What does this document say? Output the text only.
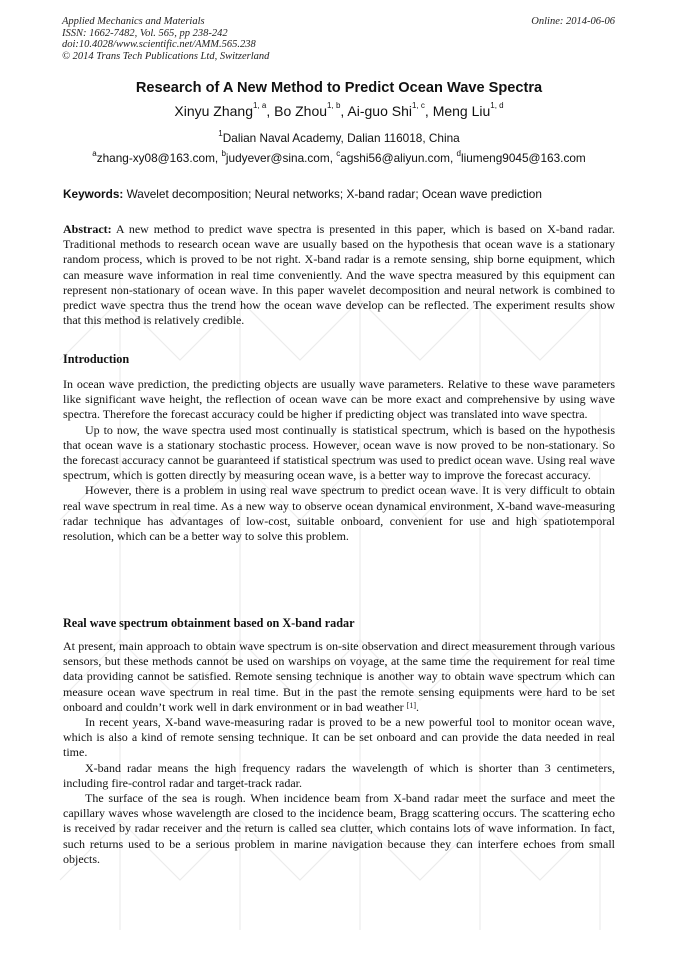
Applied Mechanics and Materials
ISSN: 1662-7482, Vol. 565, pp 238-242
doi:10.4028/www.scientific.net/AMM.565.238
© 2014 Trans Tech Publications Ltd, Switzerland
Online: 2014-06-06
Research of A New Method to Predict Ocean Wave Spectra
Xinyu Zhang$^{1, a}$, Bo Zhou$^{1, b}$, Ai-guo Shi$^{1, c}$, Meng Liu$^{1, d}$
$^1$Dalian Naval Academy, Dalian 116018, China
$^a$zhang-xy08@163.com, $^b$judyever@sina.com, $^c$agshi56@aliyun.com, $^d$liumeng9045@163.com
Keywords: Wavelet decomposition; Neural networks; X-band radar; Ocean wave prediction

Abstract: A new method to predict wave spectra is presented in this paper, which is based on X-band radar. Traditional methods to research ocean wave are usually based on the hypothesis that ocean wave is a stationary random process, which is proved to be not right. X-band radar is a remote sensing, ship borne equipment, which can measure wave information in real time conveniently. And the wave spectra measured by this equipment can represent non-stationary of ocean wave. In this paper wavelet decomposition and neural network is combined to predict wave spectra thus the trend how the ocean wave develop can be reflected. The experiment results show that this method is relatively credible.

Introduction

In ocean wave prediction, the predicting objects are usually wave parameters. Relative to these wave parameters like significant wave height, the reflection of ocean wave can be more exact and comprehensive by using wave spectra. Therefore the forecast accuracy could be higher if predicting object was translated into wave spectra.

Up to now, the wave spectra used most continually is statistical spectrum, which is based on the hypothesis that ocean wave is a stationary stochastic process. However, ocean wave is now proved to be non-stationary. So the forecast accuracy cannot be guaranteed if statistical spectrum was used to predict ocean wave. Using real wave spectrum, which is gotten directly by measuring ocean wave, is a better way to improve the forecast accuracy.

However, there is a problem in using real wave spectrum to predict ocean wave. It is very difficult to obtain real wave spectrum in real time. As a new way to observe ocean dynamical environment, X-band wave-measuring radar technique has advantages of low-cost, suitable onboard, convenient for use and high spatiotemporal resolution, which can be a better way to solve this problem.

Real wave spectrum obtainment based on X-band radar

At present, main approach to obtain wave spectrum is on-site observation and direct measurement through various sensors, but these methods cannot be used on warships on voyage, at the same time the requirement for real time data providing cannot be satisfied. Remote sensing technique is another way to obtain wave spectrum which can measure ocean wave spectrum in real time. But in the past the remote sensing equipments were hard to be set onboard and couldn’t work well in dark environment or in bad weather [1].

In recent years, X-band wave-measuring radar is proved to be a new powerful tool to monitor ocean wave, which is also a kind of remote sensing technique. It can be set onboard and can provide the data needed in real time.

X-band radar means the high frequency radars the wavelength of which is shorter than 3 centimeters, including fire-control radar and target-track radar.

The surface of the sea is rough. When incidence beam from X-band radar meet the surface and meet the capillary waves whose wavelength are closed to the incidence beam, Bragg scattering occurs. The scattering echo is received by radar receiver and the return is called sea clutter, which contains lots of wave information. In fact, such returns used to be a serious problem in marine navigation because they can interfere echoes from small objects.
